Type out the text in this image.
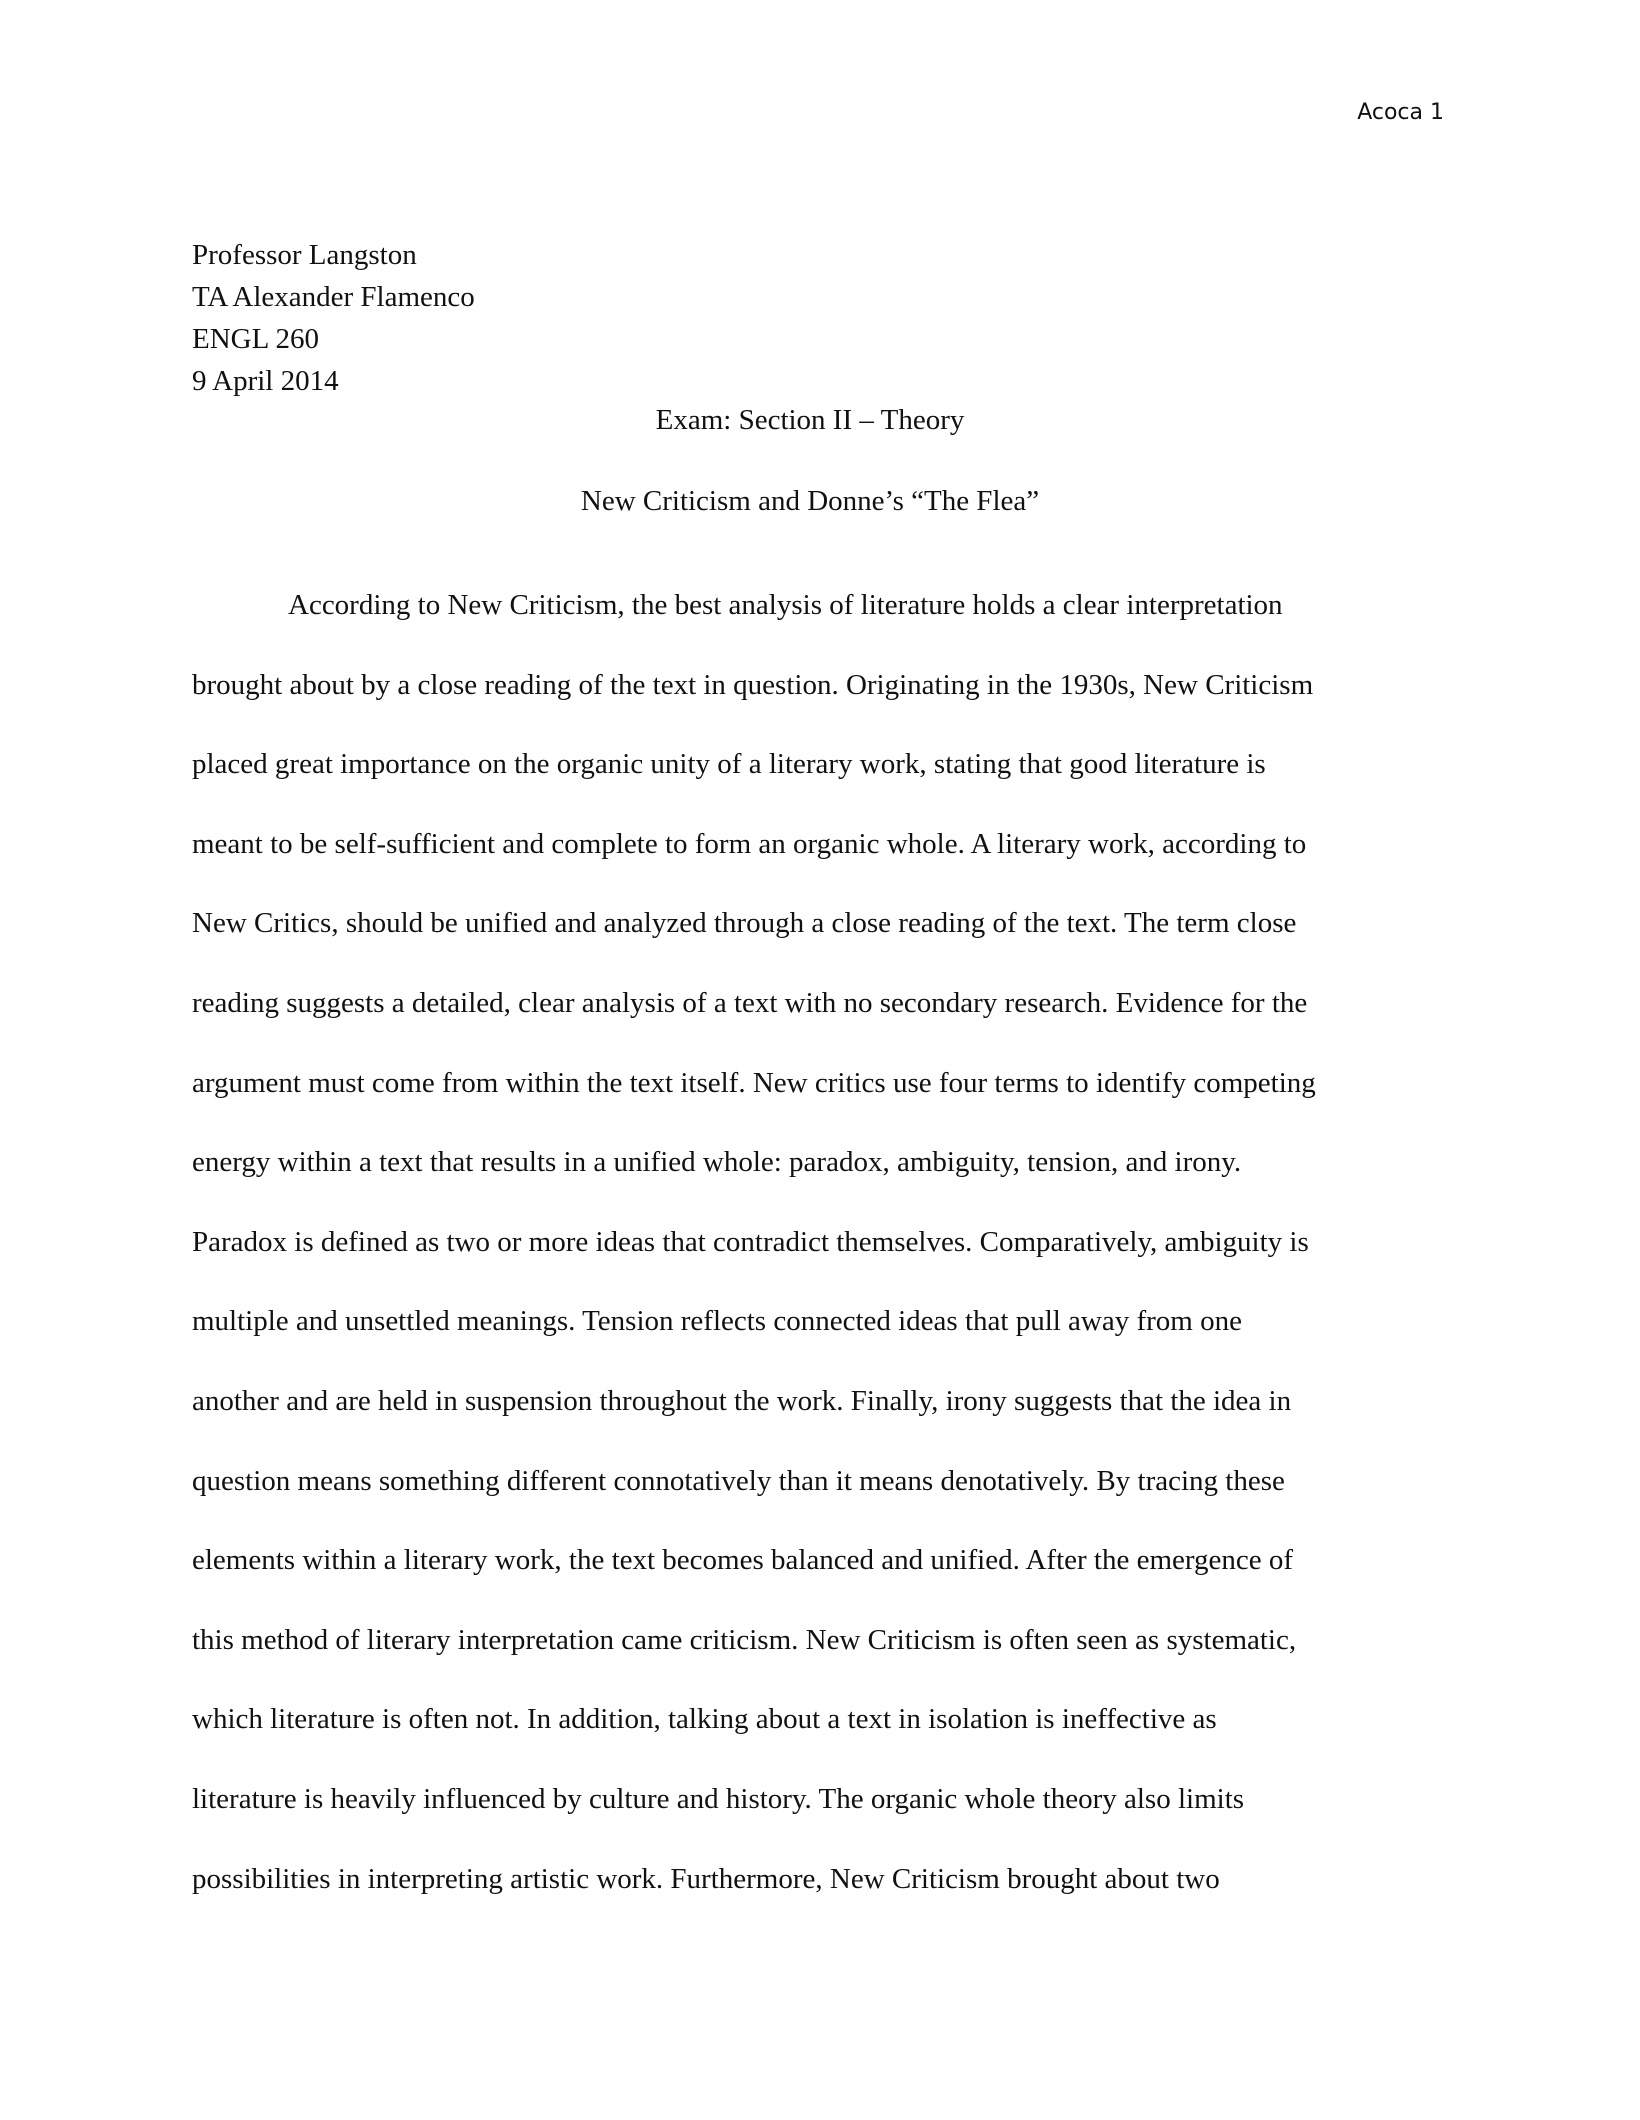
Acoca 1
Professor Langston
TA Alexander Flamenco
ENGL 260
9 April 2014
Exam: Section II – Theory
New Criticism and Donne’s “The Flea”
According to New Criticism, the best analysis of literature holds a clear interpretation
brought about by a close reading of the text in question. Originating in the 1930s, New Criticism
placed great importance on the organic unity of a literary work, stating that good literature is
meant to be self-sufficient and complete to form an organic whole. A literary work, according to
New Critics, should be unified and analyzed through a close reading of the text. The term close
reading suggests a detailed, clear analysis of a text with no secondary research. Evidence for the
argument must come from within the text itself. New critics use four terms to identify competing
energy within a text that results in a unified whole: paradox, ambiguity, tension, and irony.
Paradox is defined as two or more ideas that contradict themselves. Comparatively, ambiguity is
multiple and unsettled meanings. Tension reflects connected ideas that pull away from one
another and are held in suspension throughout the work. Finally, irony suggests that the idea in
question means something different connotatively than it means denotatively. By tracing these
elements within a literary work, the text becomes balanced and unified. After the emergence of
this method of literary interpretation came criticism. New Criticism is often seen as systematic,
which literature is often not. In addition, talking about a text in isolation is ineffective as
literature is heavily influenced by culture and history. The organic whole theory also limits
possibilities in interpreting artistic work. Furthermore, New Criticism brought about two
